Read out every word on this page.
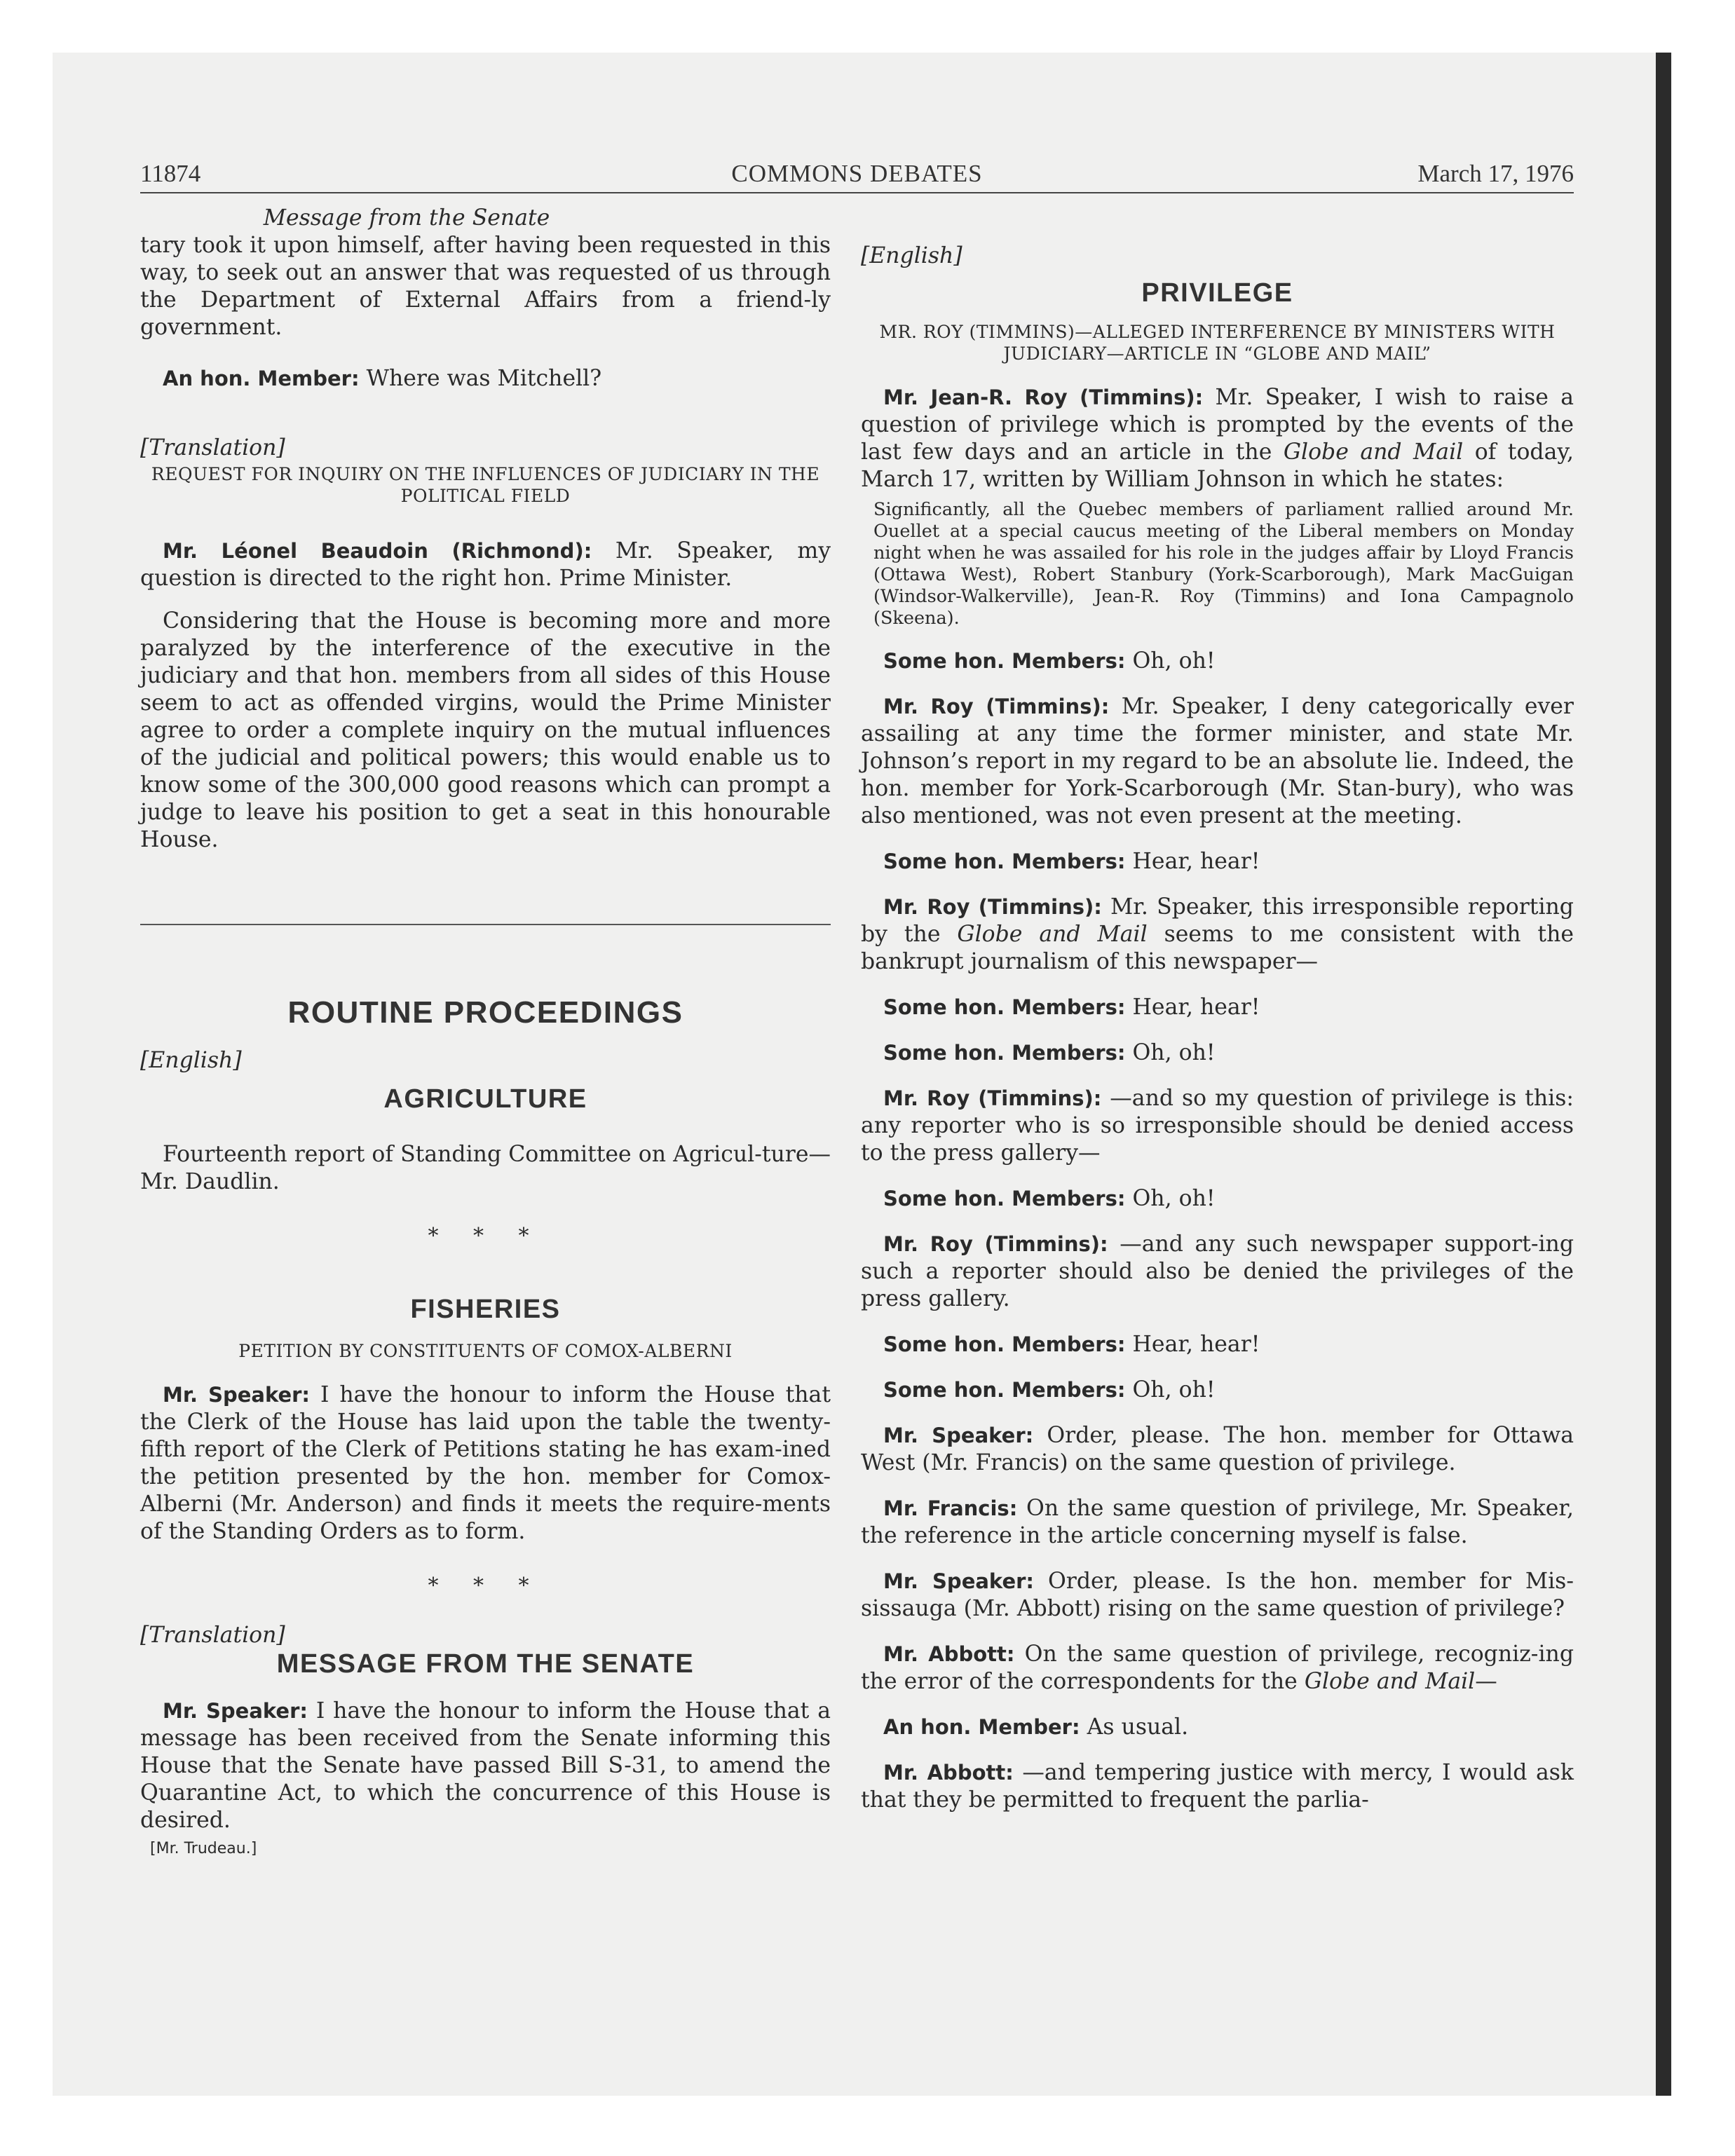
11874	COMMONS DEBATES	March 17, 1976
Message from the Senate

tary took it upon himself, after having been requested in this way, to seek out an answer that was requested of us through the Department of External Affairs from a friend-ly government.

An hon. Member: Where was Mitchell?

[Translation]
REQUEST FOR INQUIRY ON THE INFLUENCES OF JUDICIARY IN THE POLITICAL FIELD

Mr. Léonel Beaudoin (Richmond): Mr. Speaker, my question is directed to the right hon. Prime Minister.

Considering that the House is becoming more and more paralyzed by the interference of the executive in the judiciary and that hon. members from all sides of this House seem to act as offended virgins, would the Prime Minister agree to order a complete inquiry on the mutual influences of the judicial and political powers; this would enable us to know some of the 300,000 good reasons which can prompt a judge to leave his position to get a seat in this honourable House.

ROUTINE PROCEEDINGS
[English]
AGRICULTURE

Fourteenth report of Standing Committee on Agricul-ture—Mr. Daudlin.

* * *
FISHERIES
PETITION BY CONSTITUENTS OF COMOX-ALBERNI

Mr. Speaker: I have the honour to inform the House that the Clerk of the House has laid upon the table the twenty-fifth report of the Clerk of Petitions stating he has exam-ined the petition presented by the hon. member for Comox-Alberni (Mr. Anderson) and finds it meets the require-ments of the Standing Orders as to form.

* * *
[Translation]
MESSAGE FROM THE SENATE

Mr. Speaker: I have the honour to inform the House that a message has been received from the Senate informing this House that the Senate have passed Bill S-31, to amend the Quarantine Act, to which the concurrence of this House is desired.

[Mr. Trudeau.]
[English]
PRIVILEGE
MR. ROY (TIMMINS)—ALLEGED INTERFERENCE BY MINISTERS WITH JUDICIARY—ARTICLE IN “GLOBE AND MAIL”

Mr. Jean-R. Roy (Timmins): Mr. Speaker, I wish to raise a question of privilege which is prompted by the events of the last few days and an article in the Globe and Mail of today, March 17, written by William Johnson in which he states:

Significantly, all the Quebec members of parliament rallied around Mr. Ouellet at a special caucus meeting of the Liberal members on Monday night when he was assailed for his role in the judges affair by Lloyd Francis (Ottawa West), Robert Stanbury (York-Scarborough), Mark MacGuigan (Windsor-Walkerville), Jean-R. Roy (Timmins) and Iona Campagnolo (Skeena).

Some hon. Members: Oh, oh!

Mr. Roy (Timmins): Mr. Speaker, I deny categorically ever assailing at any time the former minister, and state Mr. Johnson’s report in my regard to be an absolute lie. Indeed, the hon. member for York-Scarborough (Mr. Stan-bury), who was also mentioned, was not even present at the meeting.

Some hon. Members: Hear, hear!

Mr. Roy (Timmins): Mr. Speaker, this irresponsible reporting by the Globe and Mail seems to me consistent with the bankrupt journalism of this newspaper—

Some hon. Members: Hear, hear!

Some hon. Members: Oh, oh!

Mr. Roy (Timmins): —and so my question of privilege is this: any reporter who is so irresponsible should be denied access to the press gallery—

Some hon. Members: Oh, oh!

Mr. Roy (Timmins): —and any such newspaper support-ing such a reporter should also be denied the privileges of the press gallery.

Some hon. Members: Hear, hear!

Some hon. Members: Oh, oh!

Mr. Speaker: Order, please. The hon. member for Ottawa West (Mr. Francis) on the same question of privilege.

Mr. Francis: On the same question of privilege, Mr. Speaker, the reference in the article concerning myself is false.

Mr. Speaker: Order, please. Is the hon. member for Mis-sissauga (Mr. Abbott) rising on the same question of privilege?

Mr. Abbott: On the same question of privilege, recogniz-ing the error of the correspondents for the Globe and Mail—

An hon. Member: As usual.

Mr. Abbott: —and tempering justice with mercy, I would ask that they be permitted to frequent the parlia-
